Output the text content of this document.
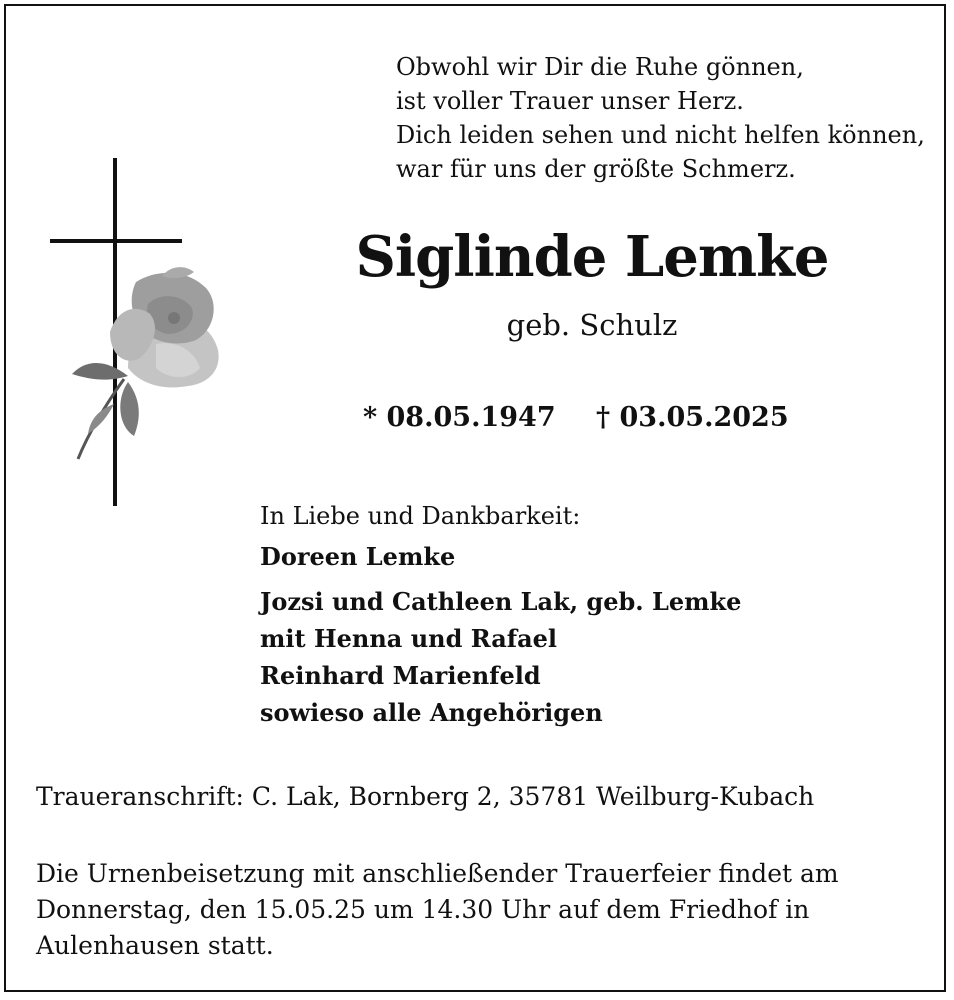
Obwohl wir Dir die Ruhe gönnen,
ist voller Trauer unser Herz.
Dich leiden sehen und nicht helfen können,
war für uns der größte Schmerz.
Siglinde Lemke
geb. Schulz
* 08.05.1947 † 03.05.2025
In Liebe und Dankbarkeit:
Doreen Lemke
Jozsi und Cathleen Lak, geb. Lemke
mit Henna und Rafael
Reinhard Marienfeld
sowieso alle Angehörigen
Traueranschrift: C. Lak, Bornberg 2, 35781 Weilburg-Kubach
Die Urnenbeisetzung mit anschließender Trauerfeier findet am
Donnerstag, den 15.05.25 um 14.30 Uhr auf dem Friedhof in
Aulenhausen statt.
